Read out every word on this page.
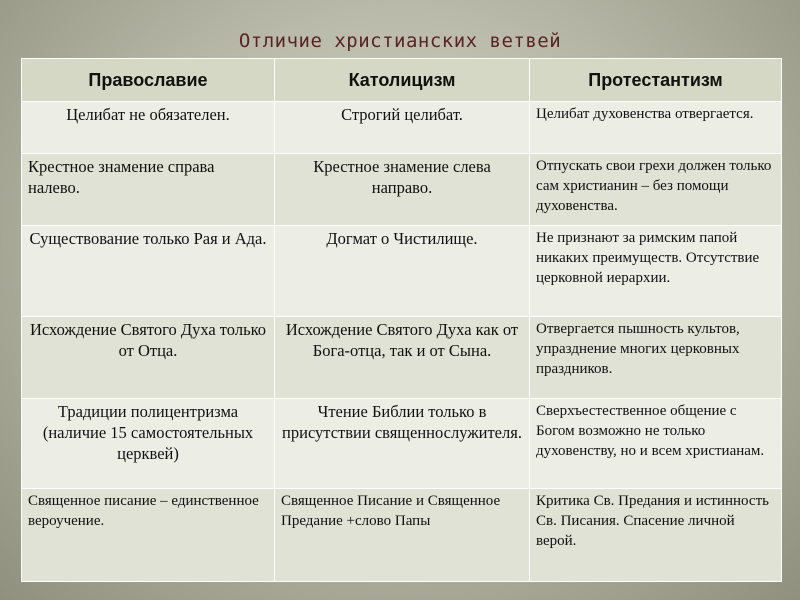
Отличие христианских ветвей
Православие	Католицизм	Протестантизм
Целибат не обязателен.	Строгий целибат.	Целибат духовенства отвергается.
Крестное знамение справа налево.	Крестное знамение слева направо.	Отпускать свои грехи должен только сам христианин – без помощи духовенства.
Существование только Рая и Ада.	Догмат о Чистилище.	Не признают за римским папой никаких преимуществ. Отсутствие церковной иерархии.
Исхождение Святого Духа только от Отца.	Исхождение Святого Духа как от Бога-отца, так и от Сына.	Отвергается пышность культов, упразднение многих церковных праздников.
Традиции полицентризма (наличие 15 самостоятельных церквей)	Чтение Библии только в присутствии священнослужителя.	Сверхъестественное общение с Богом возможно не только духовенству, но и всем христианам.
Священное писание – единственное вероучение.	Священное Писание и Священное Предание +слово Папы	Критика Св. Предания и истинность Св. Писания. Спасение личной верой.
